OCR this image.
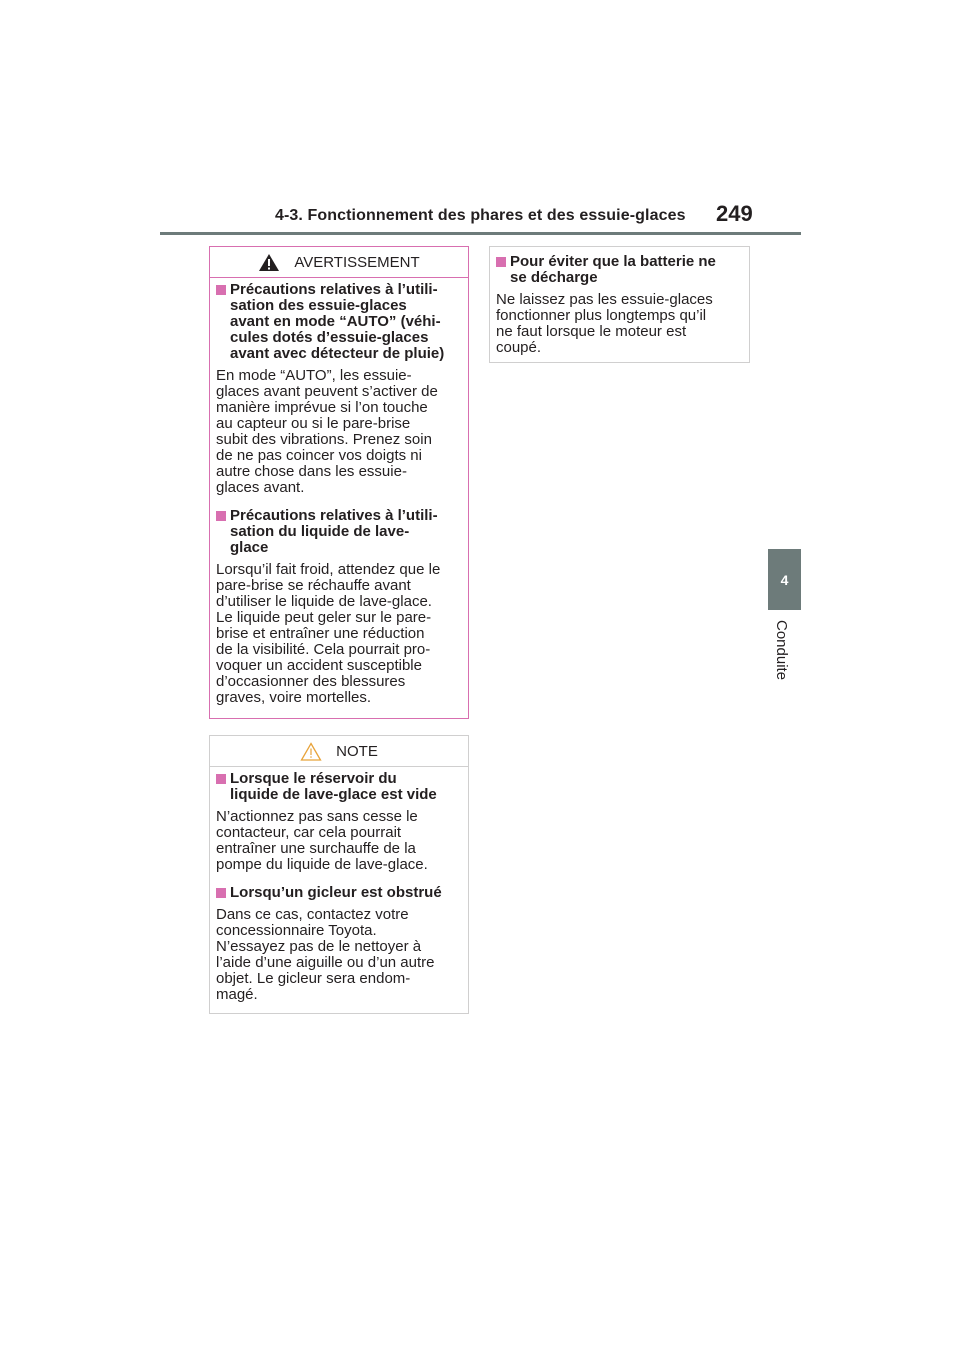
4-3. Fonctionnement des phares et des essuie-glaces 249
4
Conduite
AVERTISSEMENT
Précautions relatives à l’utili-
sation des essuie-glaces
avant en mode “AUTO” (véhi-
cules dotés d’essuie-glaces
avant avec détecteur de pluie)
En mode “AUTO”, les essuie-
glaces avant peuvent s’activer de
manière imprévue si l’on touche
au capteur ou si le pare-brise
subit des vibrations. Prenez soin
de ne pas coincer vos doigts ni
autre chose dans les essuie-
glaces avant.
Précautions relatives à l’utili-
sation du liquide de lave-
glace
Lorsqu’il fait froid, attendez que le
pare-brise se réchauffe avant
d’utiliser le liquide de lave-glace.
Le liquide peut geler sur le pare-
brise et entraîner une réduction
de la visibilité. Cela pourrait pro-
voquer un accident susceptible
d’occasionner des blessures
graves, voire mortelles.
NOTE
Lorsque le réservoir du
liquide de lave-glace est vide
N’actionnez pas sans cesse le
contacteur, car cela pourrait
entraîner une surchauffe de la
pompe du liquide de lave-glace.
Lorsqu’un gicleur est obstrué
Dans ce cas, contactez votre
concessionnaire Toyota.
N’essayez pas de le nettoyer à
l’aide d’une aiguille ou d’un autre
objet. Le gicleur sera endom-
magé.
Pour éviter que la batterie ne
se décharge
Ne laissez pas les essuie-glaces
fonctionner plus longtemps qu’il
ne faut lorsque le moteur est
coupé.
